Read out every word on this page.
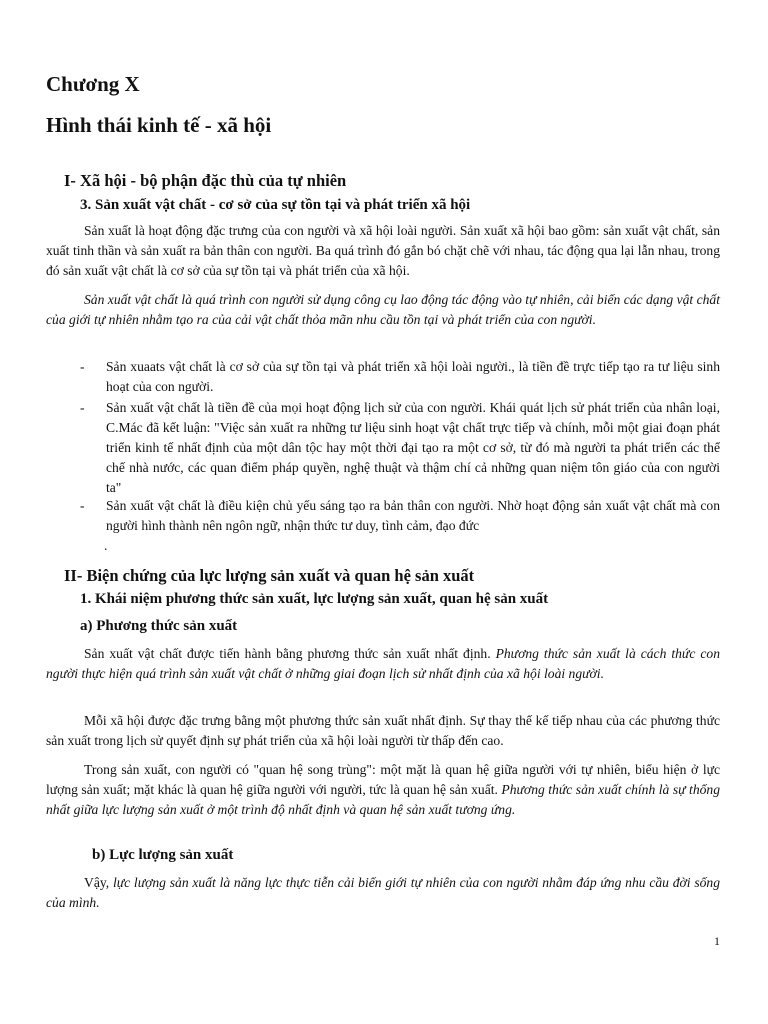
Chương X
Hình thái kinh tế - xã hội
I- Xã hội - bộ phận đặc thù của tự nhiên
3. Sản xuất vật chất - cơ sở của sự tồn tại và phát triển xã hội

Sản xuất là hoạt động đặc trưng của con người và xã hội loài người. Sản xuất xã hội bao gồm: sản xuất vật chất, sản xuất tinh thần và sản xuất ra bản thân con người. Ba quá trình đó gắn bó chặt chẽ với nhau, tác động qua lại lẫn nhau, trong đó sản xuất vật chất là cơ sở của sự tồn tại và phát triển của xã hội.

Sản xuất vật chất là quá trình con người sử dụng công cụ lao động tác động vào tự nhiên, cải biến các dạng vật chất của giới tự nhiên nhằm tạo ra của cải vật chất thỏa mãn nhu cầu tồn tại và phát triển của con người.

- Sản xuaats vật chất là cơ sở của sự tồn tại và phát triển xã hội loài người., là tiền đề trực tiếp tạo ra tư liệu sinh hoạt của con người.
- Sản xuất vật chất là tiền đề của mọi hoạt động lịch sử của con người. Khái quát lịch sử phát triển của nhân loại, C.Mác đã kết luận: "Việc sản xuất ra những tư liệu sinh hoạt vật chất trực tiếp và chính, mỗi một giai đoạn phát triển kinh tế nhất định của một dân tộc hay một thời đại tạo ra một cơ sở, từ đó mà người ta phát triển các thể chế nhà nước, các quan điểm pháp quyền, nghệ thuật và thậm chí cả những quan niệm tôn giáo của con người ta"
- Sản xuất vật chất là điều kiện chủ yếu sáng tạo ra bản thân con người. Nhờ hoạt động sản xuất vật chất mà con người hình thành nên ngôn ngữ, nhận thức tư duy, tình cảm, đạo đức

.

II- Biện chứng của lực lượng sản xuất và quan hệ sản xuất
1. Khái niệm phương thức sản xuất, lực lượng sản xuất, quan hệ sản xuất
a) Phương thức sản xuất

Sản xuất vật chất được tiến hành bằng phương thức sản xuất nhất định. Phương thức sản xuất là cách thức con người thực hiện quá trình sản xuất vật chất ở những giai đoạn lịch sử nhất định của xã hội loài người.

Mỗi xã hội được đặc trưng bằng một phương thức sản xuất nhất định. Sự thay thế kế tiếp nhau của các phương thức sản xuất trong lịch sử quyết định sự phát triển của xã hội loài người từ thấp đến cao.

Trong sản xuất, con người có "quan hệ song trùng": một mặt là quan hệ giữa người với tự nhiên, biểu hiện ở lực lượng sản xuất; mặt khác là quan hệ giữa người với người, tức là quan hệ sản xuất. Phương thức sản xuất chính là sự thống nhất giữa lực lượng sản xuất ở một trình độ nhất định và quan hệ sản xuất tương ứng.

b) Lực lượng sản xuất

Vậy, lực lượng sản xuất là năng lực thực tiễn cải biến giới tự nhiên của con người nhằm đáp ứng nhu cầu đời sống của mình.

1
